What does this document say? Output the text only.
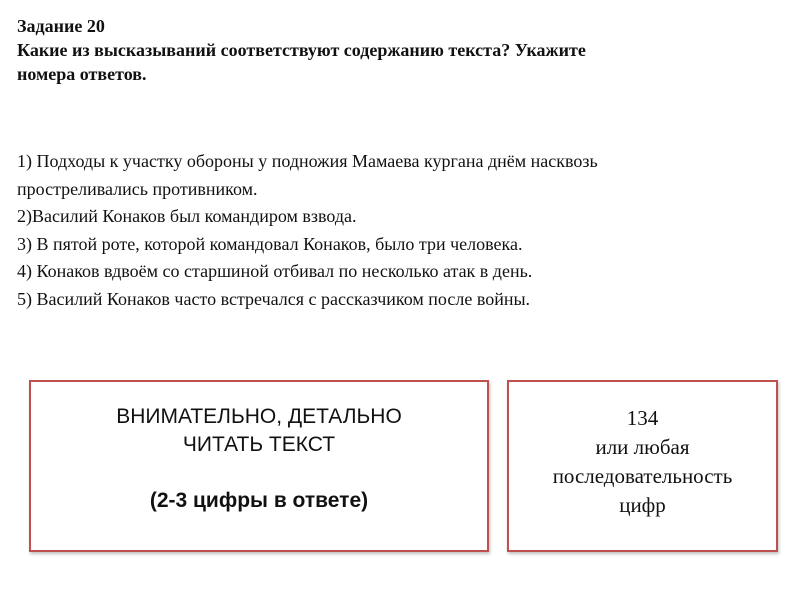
Задание 20
Какие из высказываний соответствуют содержанию текста? Укажите
номера ответов.
1) Подходы к участку обороны у подножия Мамаева кургана днём насквозь
простреливались противником.
2)Василий Конаков был командиром взвода.
3) В пятой роте, которой командовал Конаков, было три человека.
4) Конаков вдвоём со старшиной отбивал по несколько атак в день.
5) Василий Конаков часто встречался с рассказчиком после войны.
ВНИМАТЕЛЬНО, ДЕТАЛЬНО
ЧИТАТЬ ТЕКСТ
(2-3 цифры в ответе)
134
или любая
последовательность
цифр
